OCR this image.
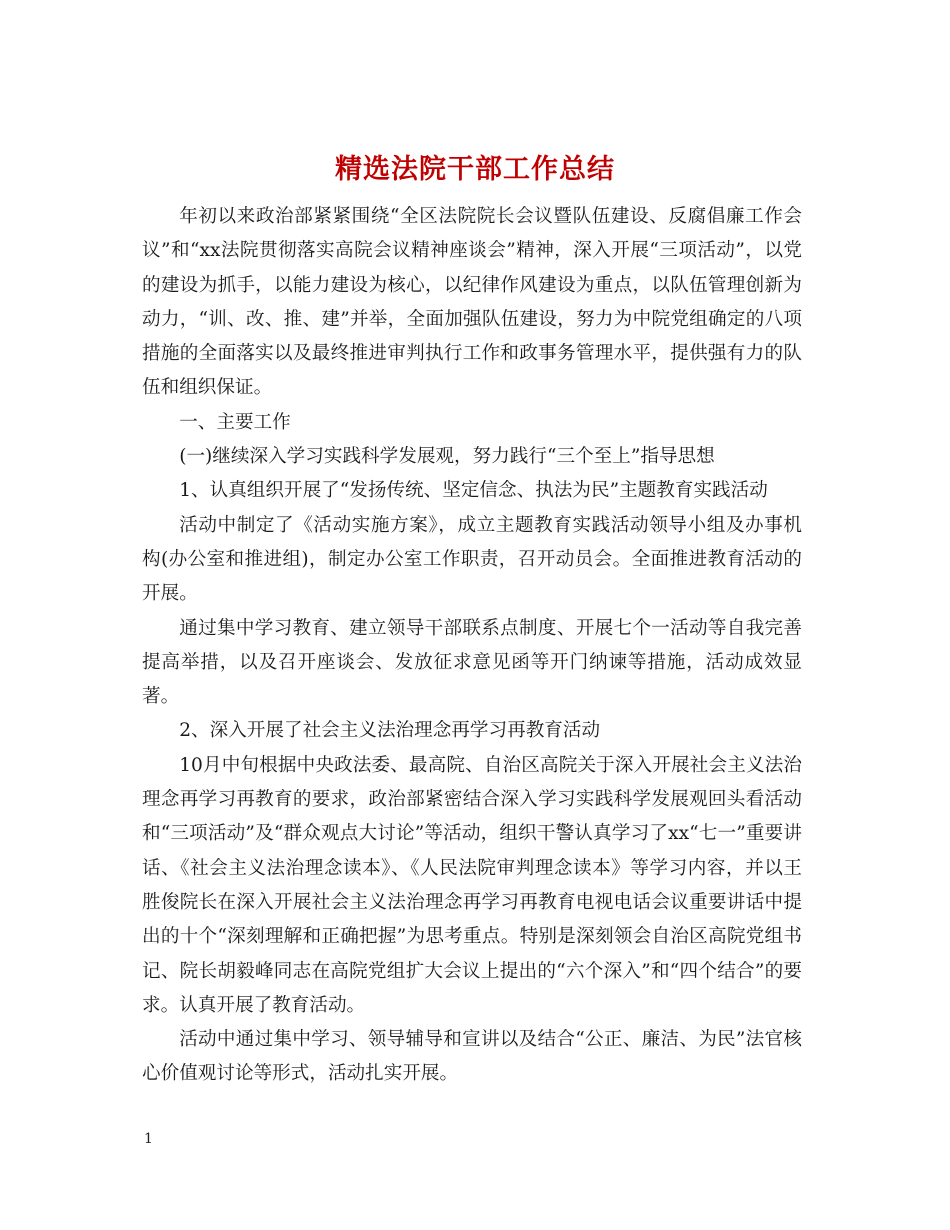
精选法院干部工作总结

年初以来政治部紧紧围绕“全区法院院长会议暨队伍建设、反腐倡廉工作会议”和“xx法院贯彻落实高院会议精神座谈会”精神，深入开展“三项活动”，以党的建设为抓手，以能力建设为核心，以纪律作风建设为重点，以队伍管理创新为动力，“训、改、推、建”并举，全面加强队伍建设，努力为中院党组确定的八项措施的全面落实以及最终推进审判执行工作和政事务管理水平，提供强有力的队伍和组织保证。

一、主要工作

(一)继续深入学习实践科学发展观，努力践行“三个至上”指导思想

1、认真组织开展了“发扬传统、坚定信念、执法为民”主题教育实践活动

活动中制定了《活动实施方案》，成立主题教育实践活动领导小组及办事机构(办公室和推进组)，制定办公室工作职责，召开动员会。全面推进教育活动的开展。

通过集中学习教育、建立领导干部联系点制度、开展七个一活动等自我完善提高举措，以及召开座谈会、发放征求意见函等开门纳谏等措施，活动成效显著。

2、深入开展了社会主义法治理念再学习再教育活动

10月中旬根据中央政法委、最高院、自治区高院关于深入开展社会主义法治理念再学习再教育的要求，政治部紧密结合深入学习实践科学发展观回头看活动和“三项活动”及“群众观点大讨论”等活动，组织干警认真学习了xx“七一”重要讲话、《社会主义法治理念读本》、《人民法院审判理念读本》等学习内容，并以王胜俊院长在深入开展社会主义法治理念再学习再教育电视电话会议重要讲话中提出的十个“深刻理解和正确把握”为思考重点。特别是深刻领会自治区高院党组书记、院长胡毅峰同志在高院党组扩大会议上提出的“六个深入”和“四个结合”的要求。认真开展了教育活动。

活动中通过集中学习、领导辅导和宣讲以及结合“公正、廉洁、为民”法官核心价值观讨论等形式，活动扎实开展。

1
